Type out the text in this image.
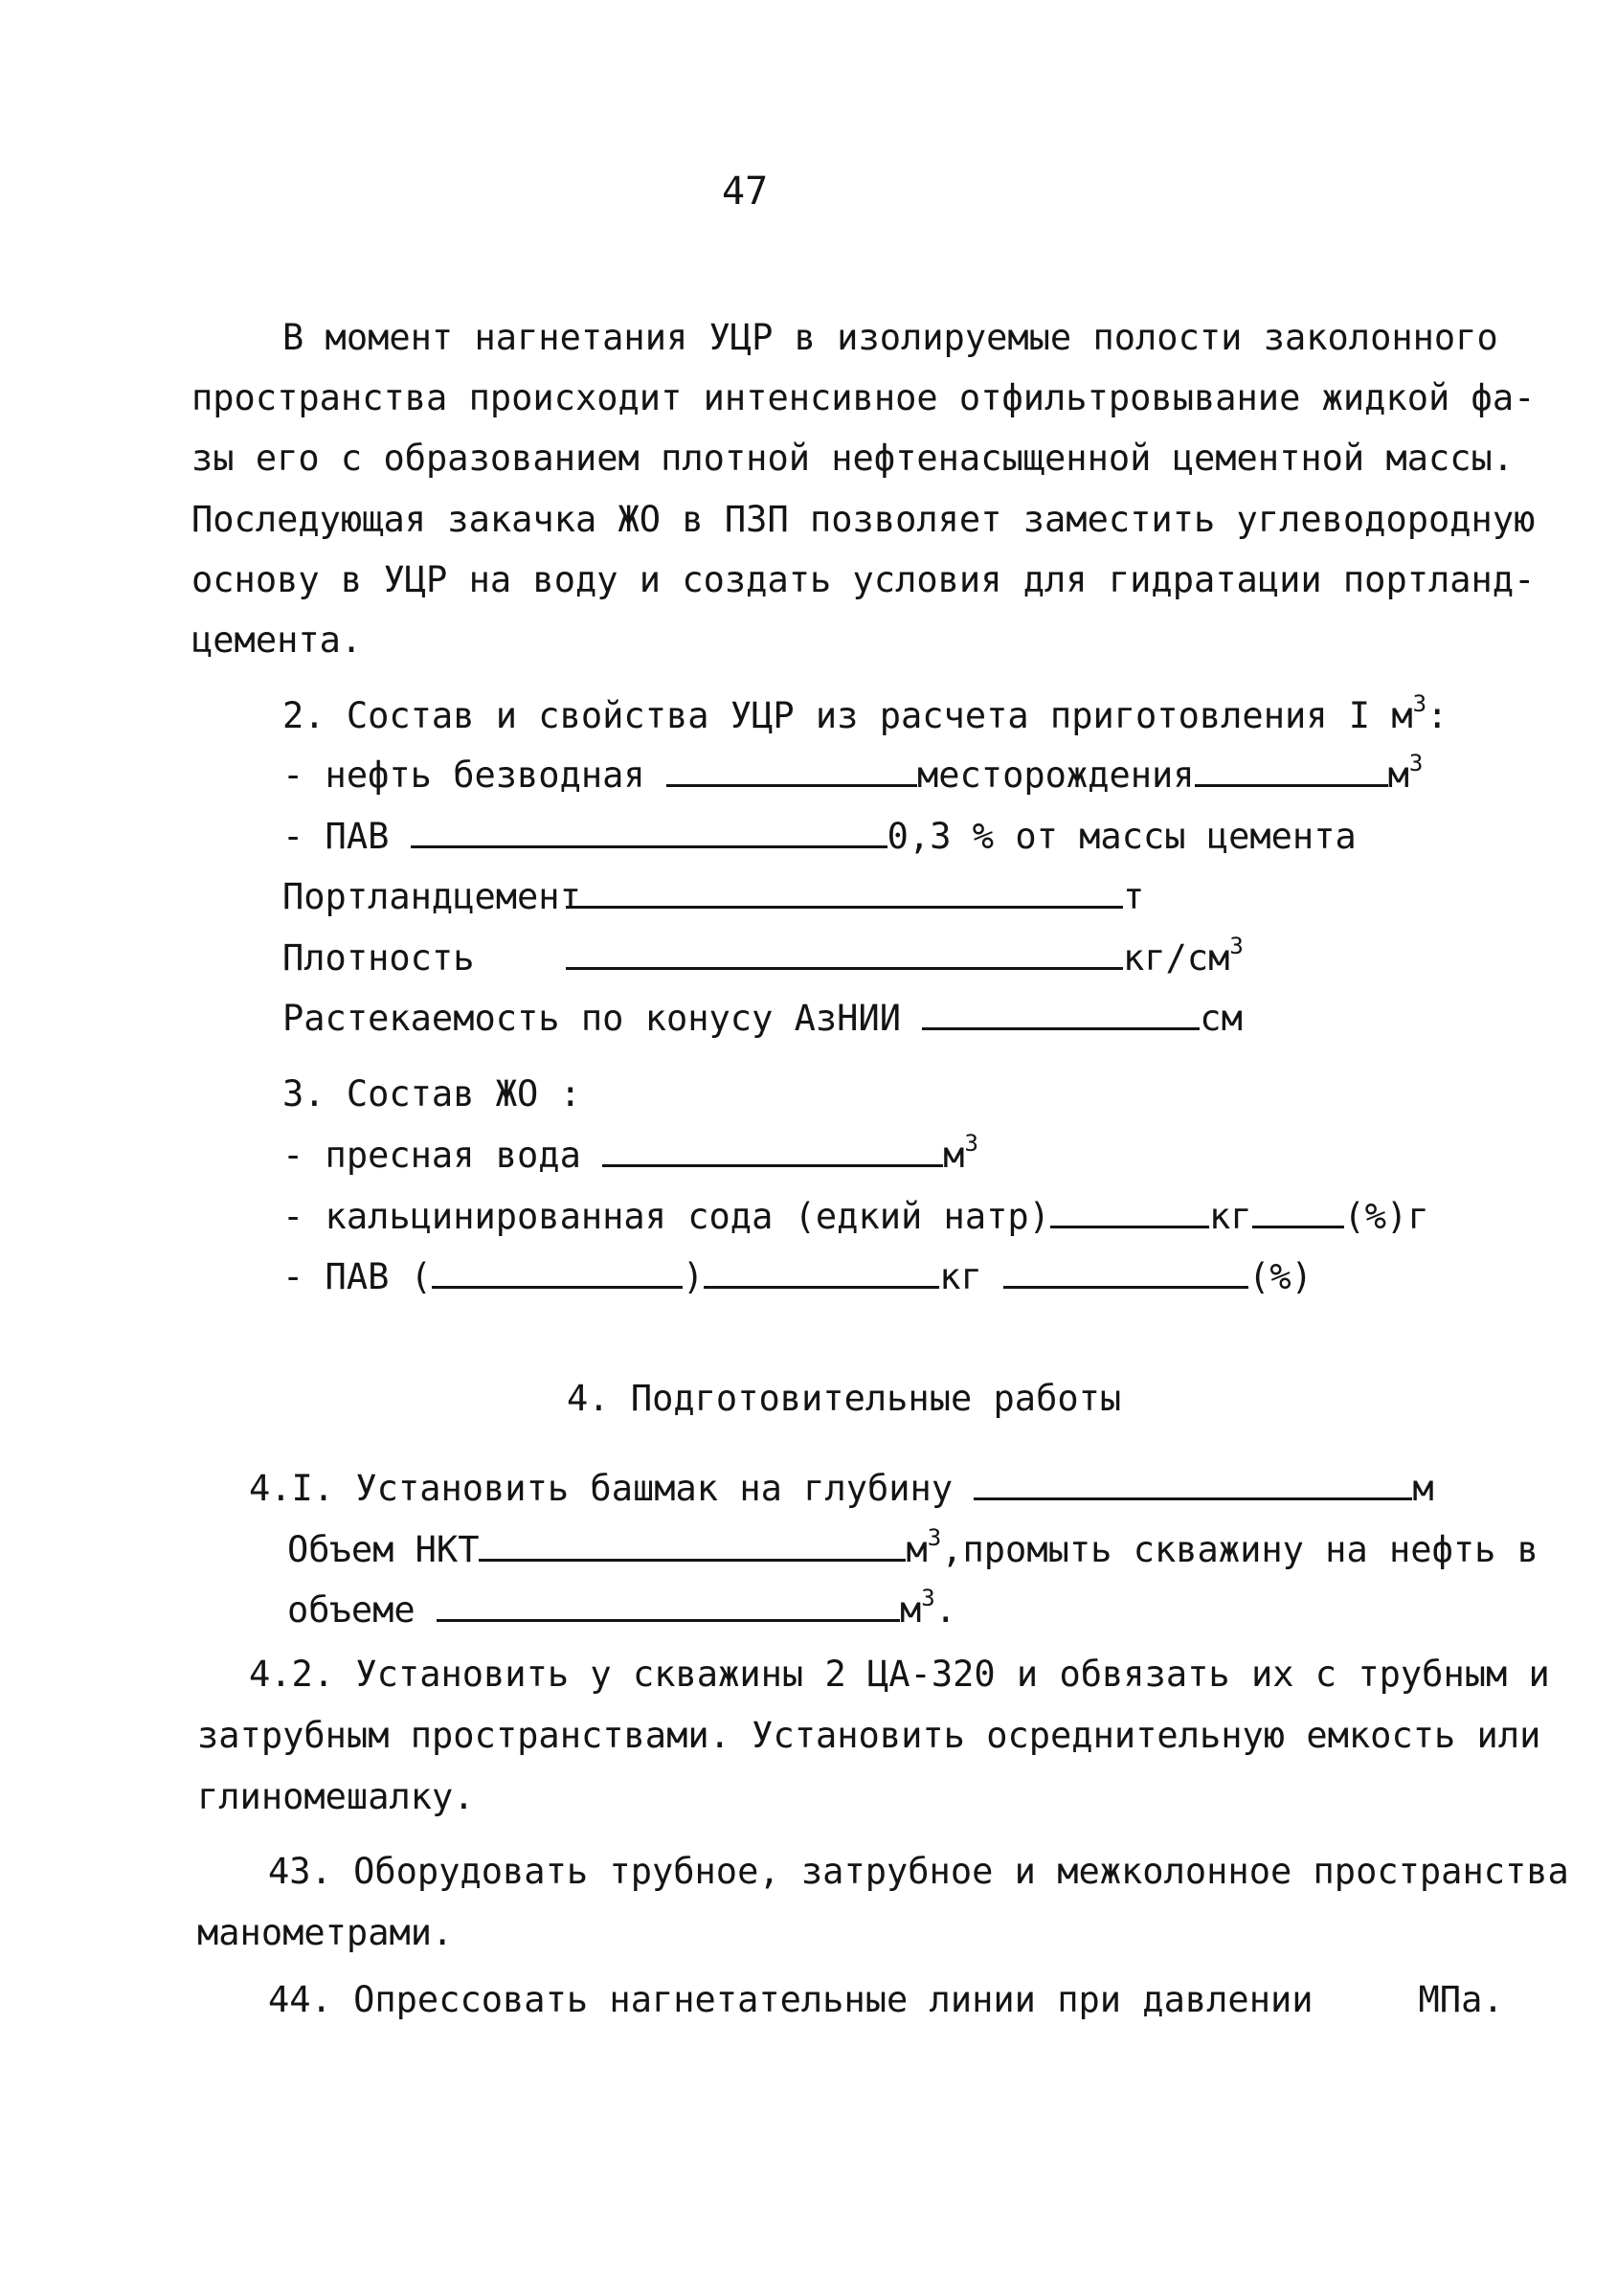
47
В момент нагнетания УЦР в изолируемые полости заколонного
пространства происходит интенсивное отфильтровывание жидкой фа-
зы его с образованием плотной нефтенасыщенной цементной массы.
Последующая закачка ЖО в ПЗП позволяет заместить углеводородную
основу в УЦР на воду и создать условия для гидратации портланд-
цемента.
2. Состав и свойства УЦР из расчета приготовления I $м^3$:
- нефть безводная	месторождения	$м^3$
- ПАВ	0,3 % от массы цемента
Портландцемент	т
Плотность	$кг/см^3$
Растекаемость по конусу АзНИИ	см
3. Состав ЖО :
- пресная вода	$м^3$
- кальцинированная сода (едкий натр)	кг	(%)г
- ПАВ (	)	кг	(%)
4. Подготовительные работы
4.I. Установить башмак на глубину	м
Объем НКТ	$м^3,промыть$ скважину на нефть в
объеме	$м^3$.
4.2. Установить у скважины 2 ЦА-320 и обвязать их с трубным и
затрубным пространствами. Установить осреднительную емкость или
глиномешалку.
43. Оборудовать трубное, затрубное и межколонное пространства
манометрами.
44. Опрессовать нагнетательные линии при давлении	МПа.
